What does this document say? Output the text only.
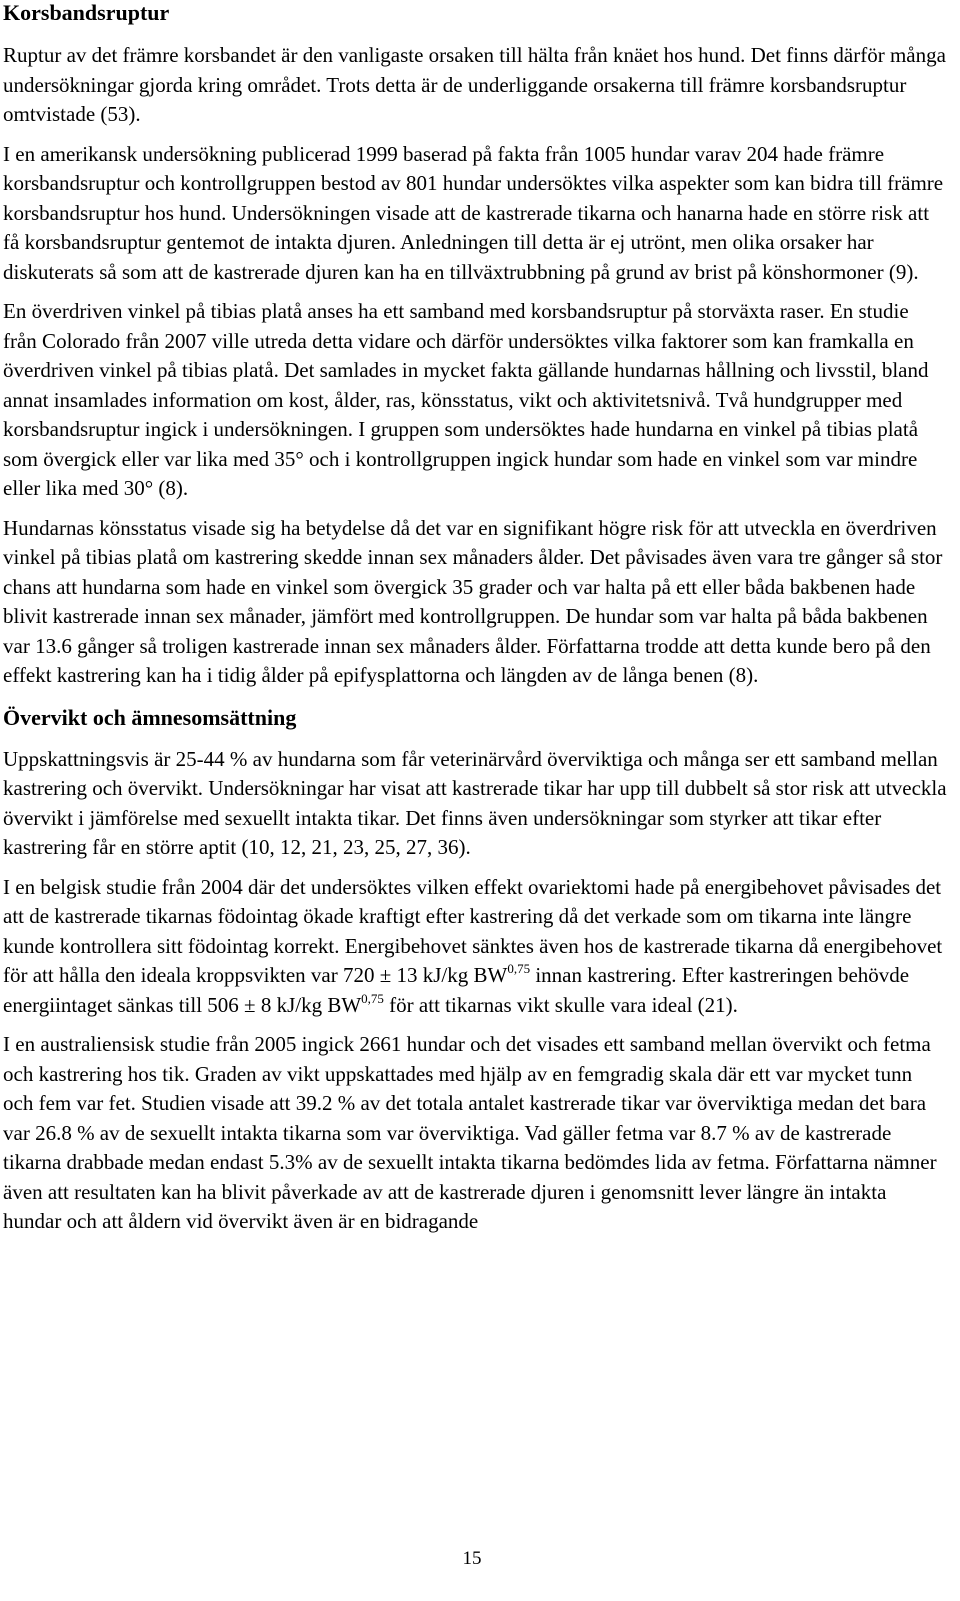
Korsbandsruptur

Ruptur av det främre korsbandet är den vanligaste orsaken till hälta från knäet hos hund. Det finns därför många undersökningar gjorda kring området. Trots detta är de underliggande orsakerna till främre korsbandsruptur omtvistade (53).

I en amerikansk undersökning publicerad 1999 baserad på fakta från 1005 hundar varav 204 hade främre korsbandsruptur och kontrollgruppen bestod av 801 hundar undersöktes vilka aspekter som kan bidra till främre korsbandsruptur hos hund. Undersökningen visade att de kastrerade tikarna och hanarna hade en större risk att få korsbandsruptur gentemot de intakta djuren. Anledningen till detta är ej utrönt, men olika orsaker har diskuterats så som att de kastrerade djuren kan ha en tillväxtrubbning på grund av brist på könshormoner (9).

En överdriven vinkel på tibias platå anses ha ett samband med korsbandsruptur på storväxta raser. En studie från Colorado från 2007 ville utreda detta vidare och därför undersöktes vilka faktorer som kan framkalla en överdriven vinkel på tibias platå. Det samlades in mycket fakta gällande hundarnas hållning och livsstil, bland annat insamlades information om kost, ålder, ras, könsstatus, vikt och aktivitetsnivå. Två hundgrupper med korsbandsruptur ingick i undersökningen. I gruppen som undersöktes hade hundarna en vinkel på tibias platå som övergick eller var lika med 35° och i kontrollgruppen ingick hundar som hade en vinkel som var mindre eller lika med 30° (8).

Hundarnas könsstatus visade sig ha betydelse då det var en signifikant högre risk för att utveckla en överdriven vinkel på tibias platå om kastrering skedde innan sex månaders ålder. Det påvisades även vara tre gånger så stor chans att hundarna som hade en vinkel som övergick 35 grader och var halta på ett eller båda bakbenen hade blivit kastrerade innan sex månader, jämfört med kontrollgruppen. De hundar som var halta på båda bakbenen var 13.6 gånger så troligen kastrerade innan sex månaders ålder. Författarna trodde att detta kunde bero på den effekt kastrering kan ha i tidig ålder på epifysplattorna och längden av de långa benen (8).

Övervikt och ämnesomsättning

Uppskattningsvis är 25-44 % av hundarna som får veterinärvård överviktiga och många ser ett samband mellan kastrering och övervikt. Undersökningar har visat att kastrerade tikar har upp till dubbelt så stor risk att utveckla övervikt i jämförelse med sexuellt intakta tikar. Det finns även undersökningar som styrker att tikar efter kastrering får en större aptit (10, 12, 21, 23, 25, 27, 36).

I en belgisk studie från 2004 där det undersöktes vilken effekt ovariektomi hade på energibehovet påvisades det att de kastrerade tikarnas födointag ökade kraftigt efter kastrering då det verkade som om tikarna inte längre kunde kontrollera sitt födointag korrekt. Energibehovet sänktes även hos de kastrerade tikarna då energibehovet för att hålla den ideala kroppsvikten var 720 ± 13 kJ/kg BW$^{0,75}$ innan kastrering. Efter kastreringen behövde energiintaget sänkas till 506 ± 8 kJ/kg BW$^{0,75}$ för att tikarnas vikt skulle vara ideal (21).

I en australiensisk studie från 2005 ingick 2661 hundar och det visades ett samband mellan övervikt och fetma och kastrering hos tik. Graden av vikt uppskattades med hjälp av en femgradig skala där ett var mycket tunn och fem var fet. Studien visade att 39.2 % av det totala antalet kastrerade tikar var överviktiga medan det bara var 26.8 % av de sexuellt intakta tikarna som var överviktiga. Vad gäller fetma var 8.7 % av de kastrerade tikarna drabbade medan endast 5.3% av de sexuellt intakta tikarna bedömdes lida av fetma. Författarna nämner även att resultaten kan ha blivit påverkade av att de kastrerade djuren i genomsnitt lever längre än intakta hundar och att åldern vid övervikt även är en bidragande

15
